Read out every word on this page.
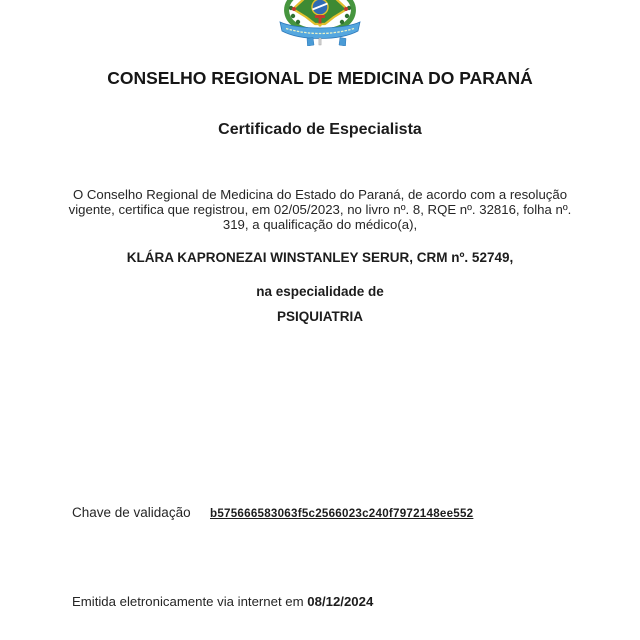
CONSELHO REGIONAL DE MEDICINA DO PARANÁ
Certificado de Especialista

O Conselho Regional de Medicina do Estado do Paraná, de acordo com a resolução vigente, certifica que registrou, em 02/05/2023, no livro nº. 8, RQE nº. 32816, folha nº. 319, a qualificação do médico(a),

KLÁRA KAPRONEZAI WINSTANLEY SERUR, CRM nº. 52749,
na especialidade de
PSIQUIATRIA
Chave de validação	b575666583063f5c2566023c240f7972148ee552
Emitida eletronicamente via internet em 08/12/2024
